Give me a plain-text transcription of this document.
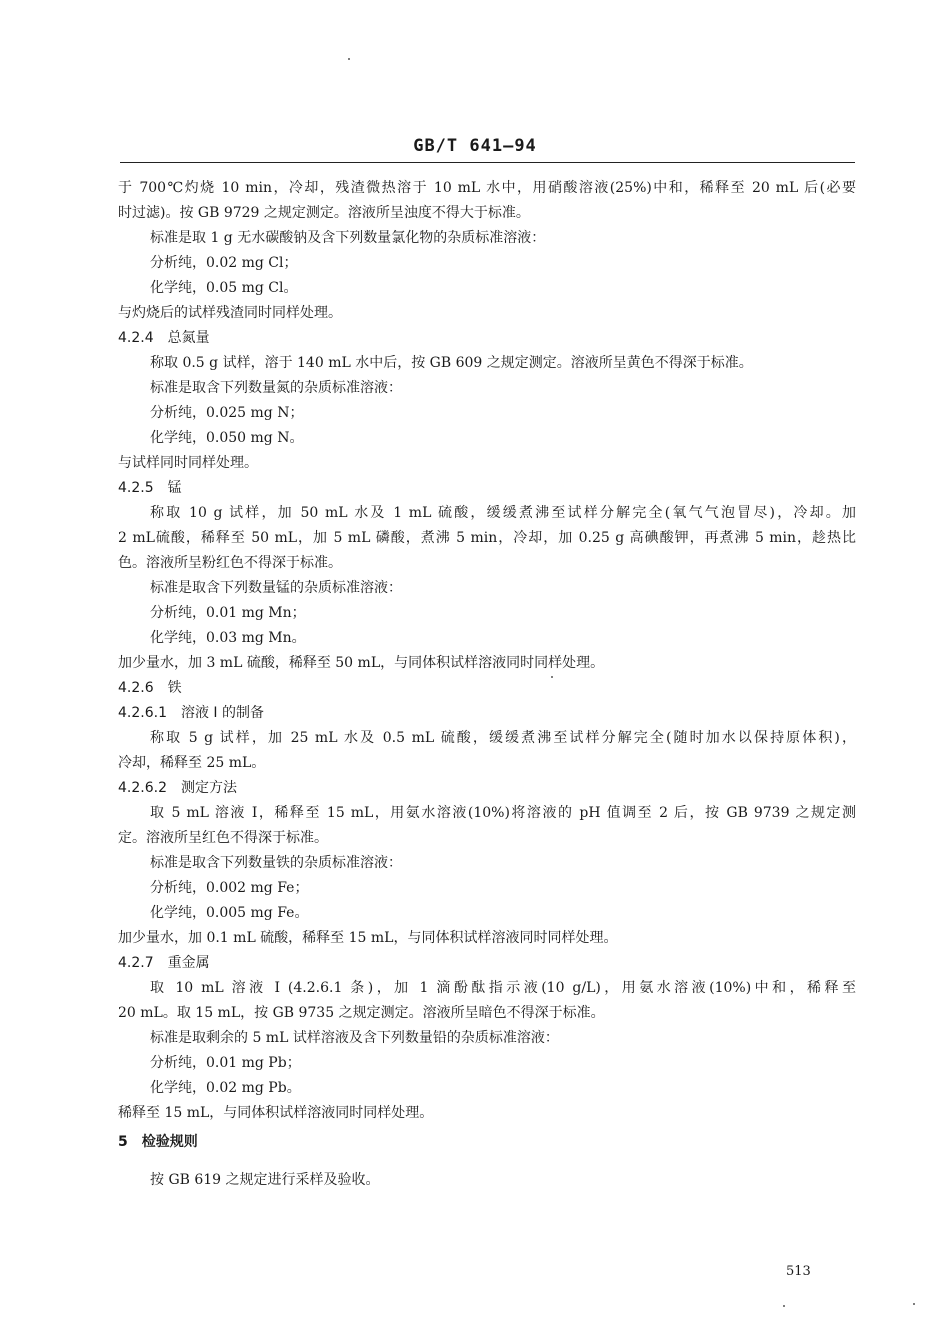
GB/T 641—94
于 700℃灼烧 10 min，冷却，残渣微热溶于 10 mL 水中，用硝酸溶液(25%)中和，稀释至 20 mL 后(必要
时过滤)。按 GB 9729 之规定测定。溶液所呈浊度不得大于标准。
标准是取 1 g 无水碳酸钠及含下列数量氯化物的杂质标准溶液：
分析纯，0.02 mg Cl；
化学纯，0.05 mg Cl。
与灼烧后的试样残渣同时同样处理。
4.2.4　总氮量
称取 0.5 g 试样，溶于 140 mL 水中后，按 GB 609 之规定测定。溶液所呈黄色不得深于标准。
标准是取含下列数量氮的杂质标准溶液：
分析纯，0.025 mg N；
化学纯，0.050 mg N。
与试样同时同样处理。
4.2.5　锰
称取 10 g 试样，加 50 mL 水及 1 mL 硫酸，缓缓煮沸至试样分解完全(氧气气泡冒尽)，冷却。加
2 mL硫酸，稀释至 50 mL，加 5 mL 磷酸，煮沸 5 min，冷却，加 0.25 g 高碘酸钾，再煮沸 5 min，趁热比
色。溶液所呈粉红色不得深于标准。
标准是取含下列数量锰的杂质标准溶液：
分析纯，0.01 mg Mn；
化学纯，0.03 mg Mn。
加少量水，加 3 mL 硫酸，稀释至 50 mL，与同体积试样溶液同时同样处理。
4.2.6　铁
4.2.6.1　溶液 I 的制备
称取 5 g 试样，加 25 mL 水及 0.5 mL 硫酸，缓缓煮沸至试样分解完全(随时加水以保持原体积)，
冷却，稀释至 25 mL。
4.2.6.2　测定方法
取 5 mL 溶液 I，稀释至 15 mL，用氨水溶液(10%)将溶液的 pH 值调至 2 后，按 GB 9739 之规定测
定。溶液所呈红色不得深于标准。
标准是取含下列数量铁的杂质标准溶液：
分析纯，0.002 mg Fe；
化学纯，0.005 mg Fe。
加少量水，加 0.1 mL 硫酸，稀释至 15 mL，与同体积试样溶液同时同样处理。
4.2.7　重金属
取 10 mL 溶液 I (4.2.6.1 条)，加 1 滴酚酞指示液(10 g/L)，用氨水溶液(10%)中和，稀释至
20 mL。取 15 mL，按 GB 9735 之规定测定。溶液所呈暗色不得深于标准。
标准是取剩余的 5 mL 试样溶液及含下列数量铅的杂质标准溶液：
分析纯，0.01 mg Pb；
化学纯，0.02 mg Pb。
稀释至 15 mL，与同体积试样溶液同时同样处理。
5　检验规则
按 GB 619 之规定进行采样及验收。
513
